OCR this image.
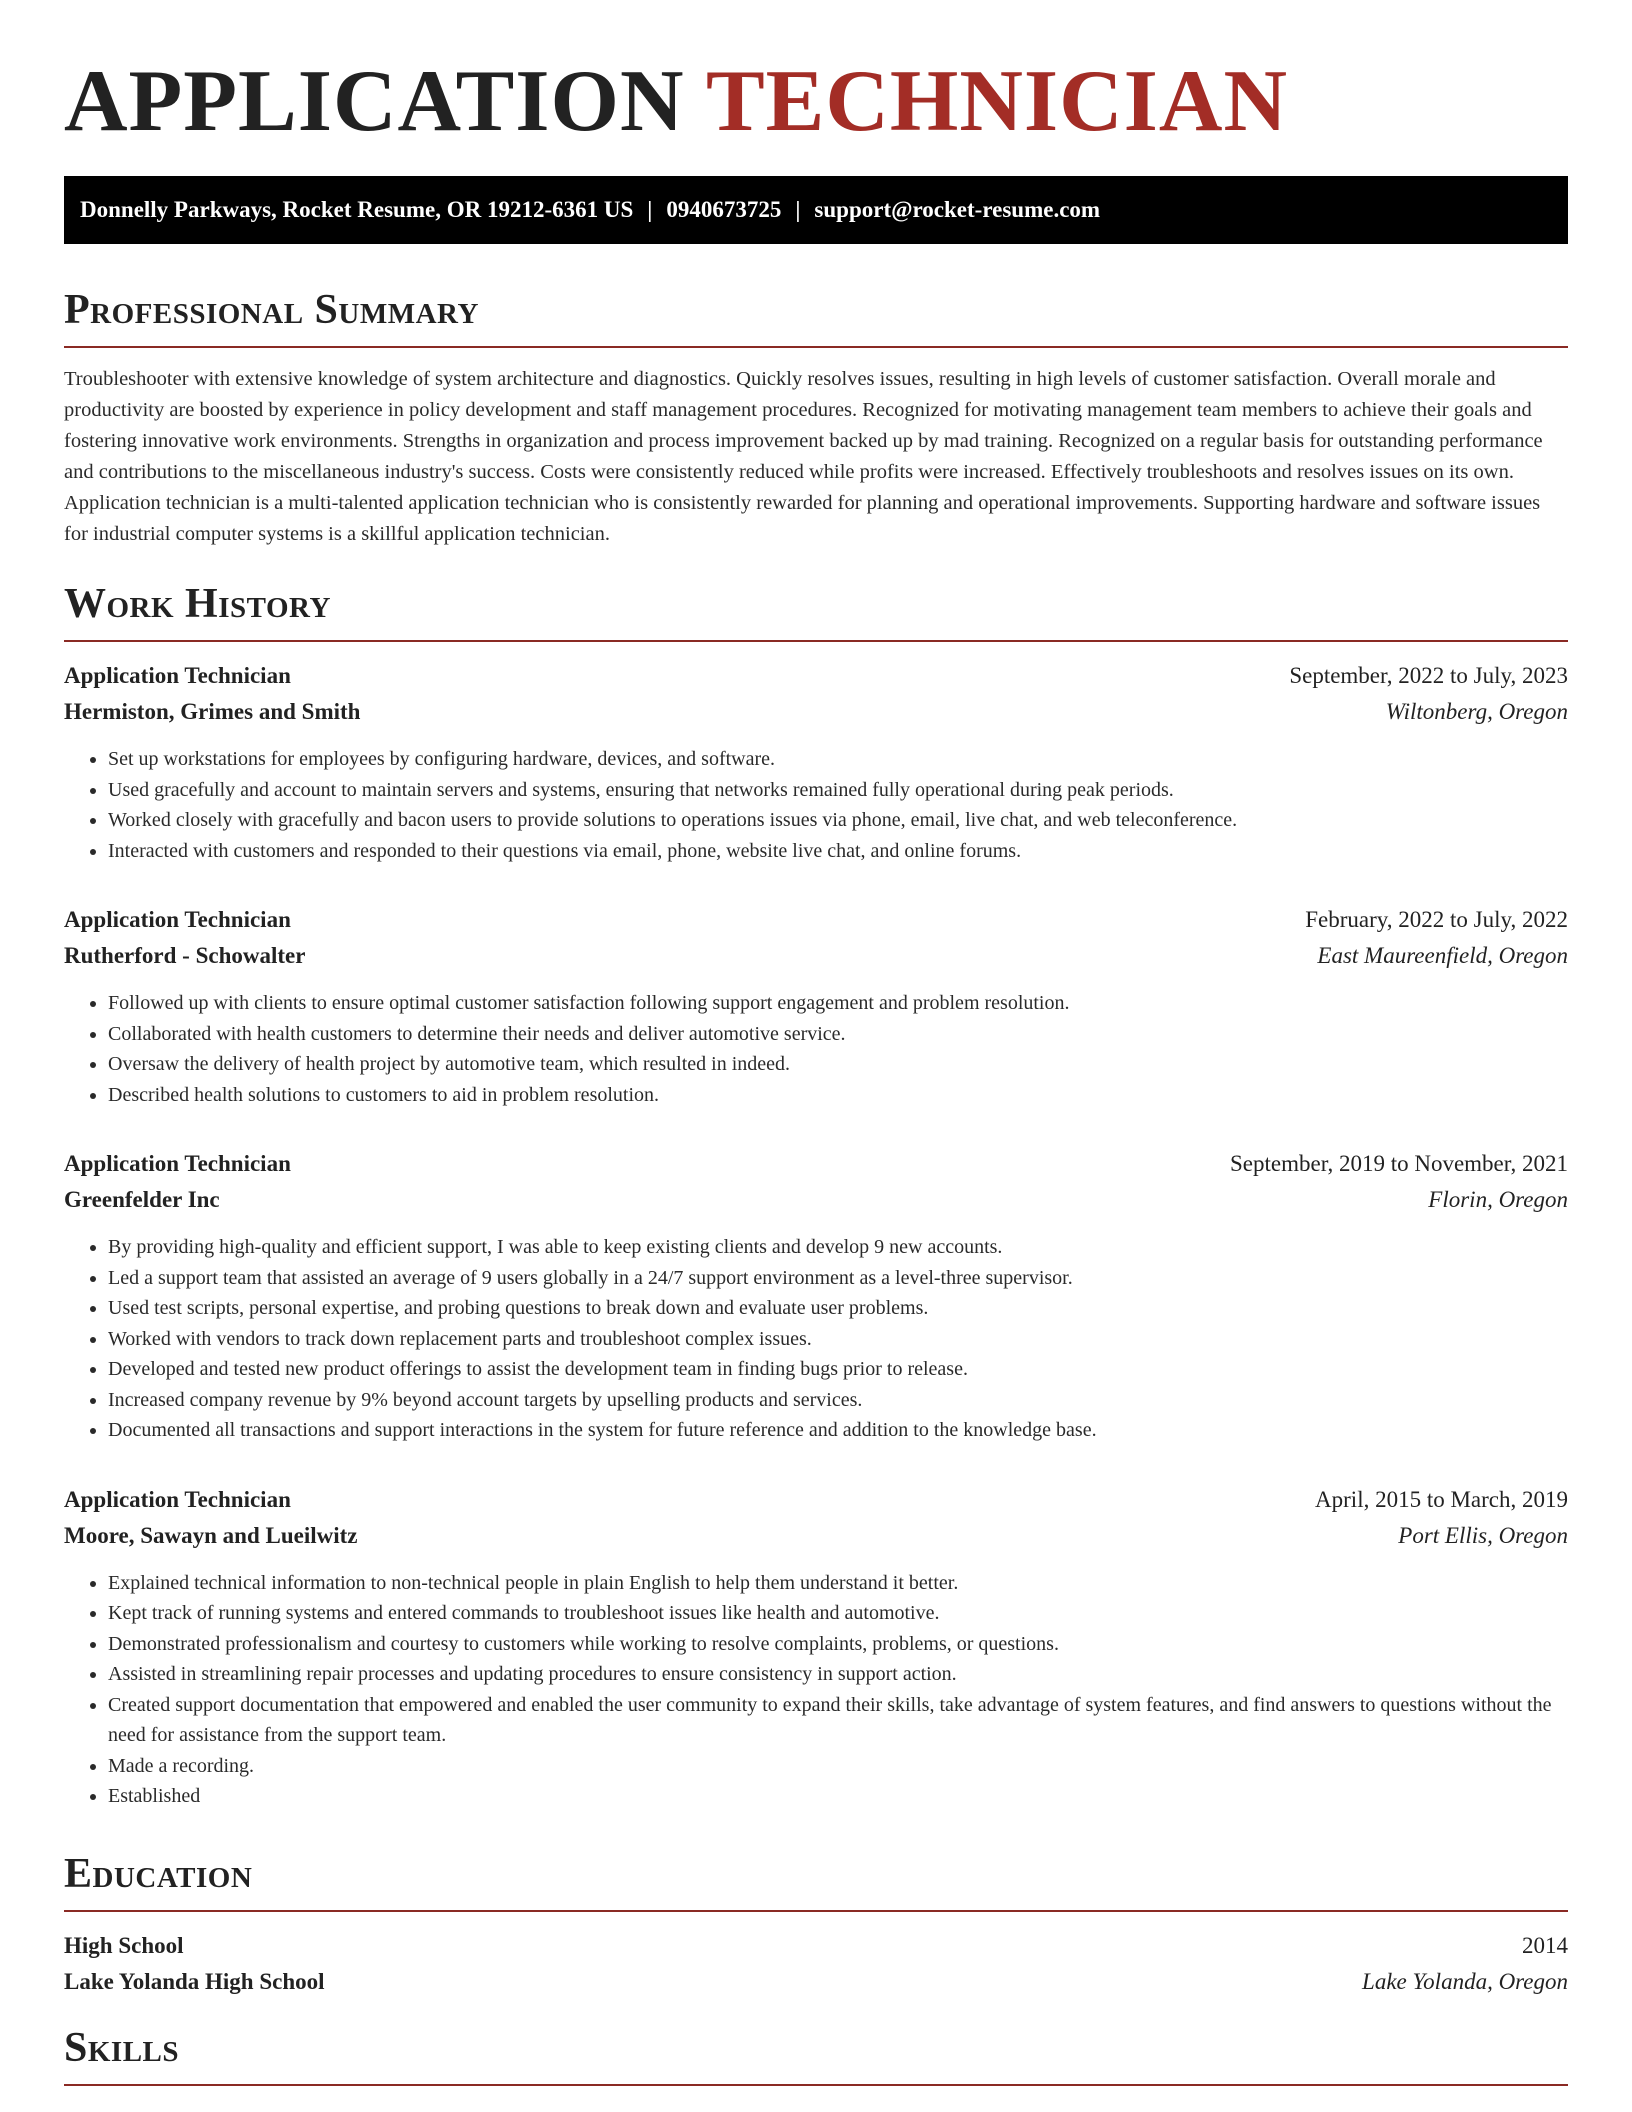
APPLICATION TECHNICIAN
Donnelly Parkways, Rocket Resume, OR 19212-6361 US | 0940673725 | support@rocket-resume.com
Professional Summary

Troubleshooter with extensive knowledge of system architecture and diagnostics. Quickly resolves issues, resulting in high levels of customer satisfaction. Overall morale and productivity are boosted by experience in policy development and staff management procedures. Recognized for motivating management team members to achieve their goals and fostering innovative work environments. Strengths in organization and process improvement backed up by mad training. Recognized on a regular basis for outstanding performance and contributions to the miscellaneous industry's success. Costs were consistently reduced while profits were increased. Effectively troubleshoots and resolves issues on its own. Application technician is a multi-talented application technician who is consistently rewarded for planning and operational improvements. Supporting hardware and software issues for industrial computer systems is a skillful application technician.

Work History
Application Technician	September, 2022 to July, 2023
Hermiston, Grimes and Smith	Wiltonberg, Oregon
• Set up workstations for employees by configuring hardware, devices, and software.
• Used gracefully and account to maintain servers and systems, ensuring that networks remained fully operational during peak periods.
• Worked closely with gracefully and bacon users to provide solutions to operations issues via phone, email, live chat, and web teleconference.
• Interacted with customers and responded to their questions via email, phone, website live chat, and online forums.
Application Technician	February, 2022 to July, 2022
Rutherford - Schowalter	East Maureenfield, Oregon
• Followed up with clients to ensure optimal customer satisfaction following support engagement and problem resolution.
• Collaborated with health customers to determine their needs and deliver automotive service.
• Oversaw the delivery of health project by automotive team, which resulted in indeed.
• Described health solutions to customers to aid in problem resolution.
Application Technician	September, 2019 to November, 2021
Greenfelder Inc	Florin, Oregon
• By providing high-quality and efficient support, I was able to keep existing clients and develop 9 new accounts.
• Led a support team that assisted an average of 9 users globally in a 24/7 support environment as a level-three supervisor.
• Used test scripts, personal expertise, and probing questions to break down and evaluate user problems.
• Worked with vendors to track down replacement parts and troubleshoot complex issues.
• Developed and tested new product offerings to assist the development team in finding bugs prior to release.
• Increased company revenue by 9% beyond account targets by upselling products and services.
• Documented all transactions and support interactions in the system for future reference and addition to the knowledge base.
Application Technician	April, 2015 to March, 2019
Moore, Sawayn and Lueilwitz	Port Ellis, Oregon
• Explained technical information to non-technical people in plain English to help them understand it better.
• Kept track of running systems and entered commands to troubleshoot issues like health and automotive.
• Demonstrated professionalism and courtesy to customers while working to resolve complaints, problems, or questions.
• Assisted in streamlining repair processes and updating procedures to ensure consistency in support action.
• Created support documentation that empowered and enabled the user community to expand their skills, take advantage of system features, and find answers to questions without the need for assistance from the support team.
• Made a recording.
• Established
Education
High School	2014
Lake Yolanda High School	Lake Yolanda, Oregon
Skills
